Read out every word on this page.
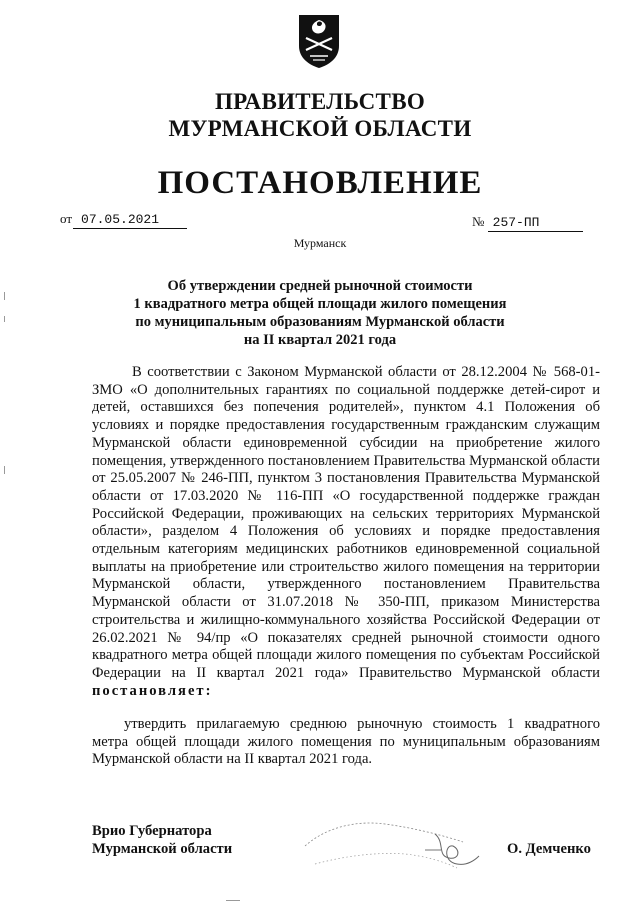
ПРАВИТЕЛЬСТВО
МУРМАНСКОЙ ОБЛАСТИ
ПОСТАНОВЛЕНИЕ
от 07.05.2021	№ 257-ПП
Мурманск
Об утверждении средней рыночной стоимости
1 квадратного метра общей площади жилого помещения
по муниципальным образованиям Мурманской области
на II квартал 2021 года

В соответствии с Законом Мурманской области от 28.12.2004 № 568-01-ЗМО «О дополнительных гарантиях по социальной поддержке детей-сирот и детей, оставшихся без попечения родителей», пунктом 4.1 Положения об условиях и порядке предоставления государственным гражданским служащим Мурманской области единовременной субсидии на приобретение жилого помещения, утвержденного постановлением Правительства Мурманской области от 25.05.2007 № 246-ПП, пунктом 3 постановления Правительства Мурманской области от 17.03.2020 № 116-ПП «О государственной поддержке граждан Российской Федерации, проживающих на сельских территориях Мурманской области», разделом 4 Положения об условиях и порядке предоставления отдельным категориям медицинских работников единовременной социальной выплаты на приобретение или строительство жилого помещения на территории Мурманской области, утвержденного постановлением Правительства Мурманской области от 31.07.2018 № 350-ПП, приказом Министерства строительства и жилищно-коммунального хозяйства Российской Федерации от 26.02.2021 № 94/пр «О показателях средней рыночной стоимости одного квадратного метра общей площади жилого помещения по субъектам Российской Федерации на II квартал 2021 года» Правительство Мурманской области постановляет:

утвердить прилагаемую среднюю рыночную стоимость 1 квадратного метра общей площади жилого помещения по муниципальным образованиям Мурманской области на II квартал 2021 года.

Врио Губернатора
Мурманской области	О. Демченко
